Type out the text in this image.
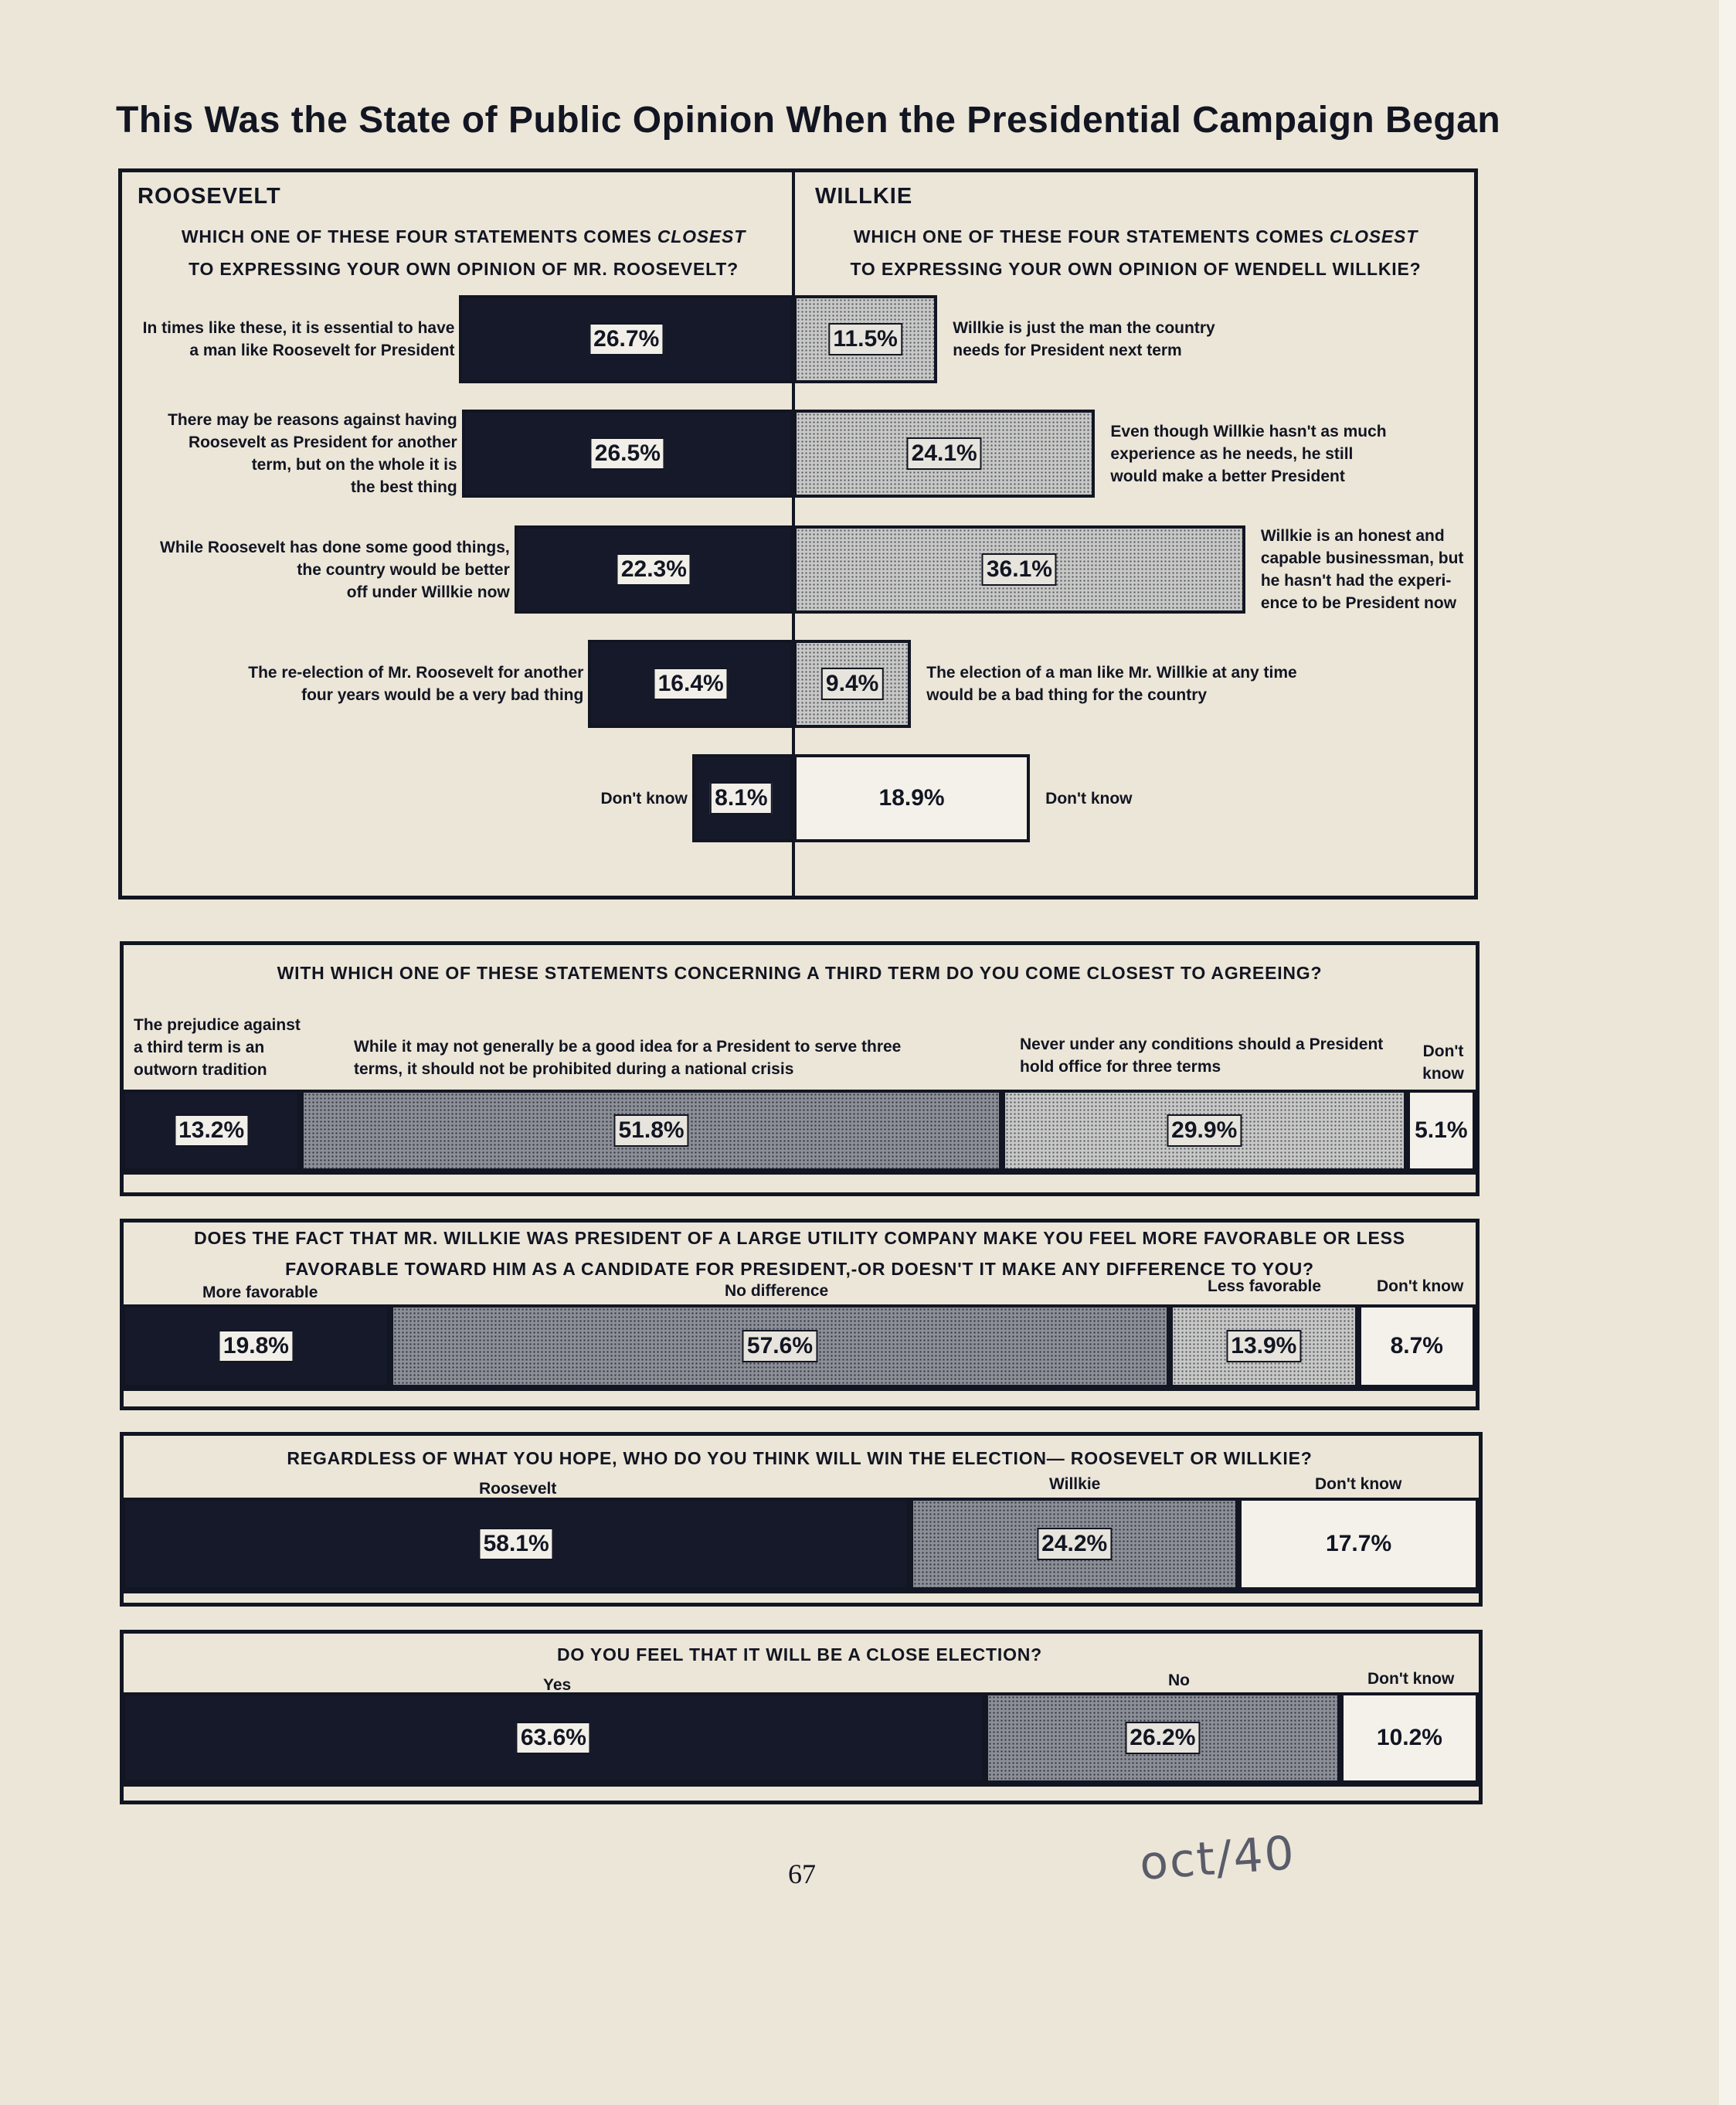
This Was the State of Public Opinion When the Presidential Campaign Began
ROOSEVELT	WILLKIE
WHICH ONE OF THESE FOUR STATEMENTS COMES CLOSEST
TO EXPRESSING YOUR OWN OPINION OF MR. ROOSEVELT?
WHICH ONE OF THESE FOUR STATEMENTS COMES CLOSEST
TO EXPRESSING YOUR OWN OPINION OF WENDELL WILLKIE?
26.7%
In times like these, it is essential to have
a man like Roosevelt for President
26.5%
There may be reasons against having
Roosevelt as President for another
term, but on the whole it is
the best thing
22.3%
While Roosevelt has done some good things,
the country would be better
off under Willkie now
16.4%
The re-election of Mr. Roosevelt for another
four years would be a very bad thing
8.1%
Don't know
11.5%	Willkie is just the man the country
needs for President next term
24.1%
Even though Willkie hasn't as much
experience as he needs, he still
would make a better President
36.1%
Willkie is an honest and
capable businessman, but
he hasn't had the experi-
ence to be President now
9.4%	The election of a man like Mr. Willkie at any time
would be a bad thing for the country
18.9%	Don't know
WITH WHICH ONE OF THESE STATEMENTS CONCERNING A THIRD TERM DO YOU COME CLOSEST TO AGREEING?
13.2%
The prejudice against
a third term is an
outworn tradition
51.8%
While it may not generally be a good idea for a President to serve three
terms, it should not be prohibited during a national crisis
29.9%
Never under any conditions should a President
hold office for three terms
5.1%
Don't
know
DOES THE FACT THAT MR. WILLKIE WAS PRESIDENT OF A LARGE UTILITY COMPANY MAKE YOU FEEL MORE FAVORABLE OR LESS
FAVORABLE TOWARD HIM AS A CANDIDATE FOR PRESIDENT,-OR DOESN'T IT MAKE ANY DIFFERENCE TO YOU?
19.8%
More favorable
57.6%
No difference
13.9%
Less favorable
8.7%
Don't know
REGARDLESS OF WHAT YOU HOPE, WHO DO YOU THINK WILL WIN THE ELECTION— ROOSEVELT OR WILLKIE?
58.1%
Roosevelt
24.2%
Willkie
17.7%
Don't know
DO YOU FEEL THAT IT WILL BE A CLOSE ELECTION?
63.6%
Yes
26.2%
No
10.2%
Don't know
67	oct/40
